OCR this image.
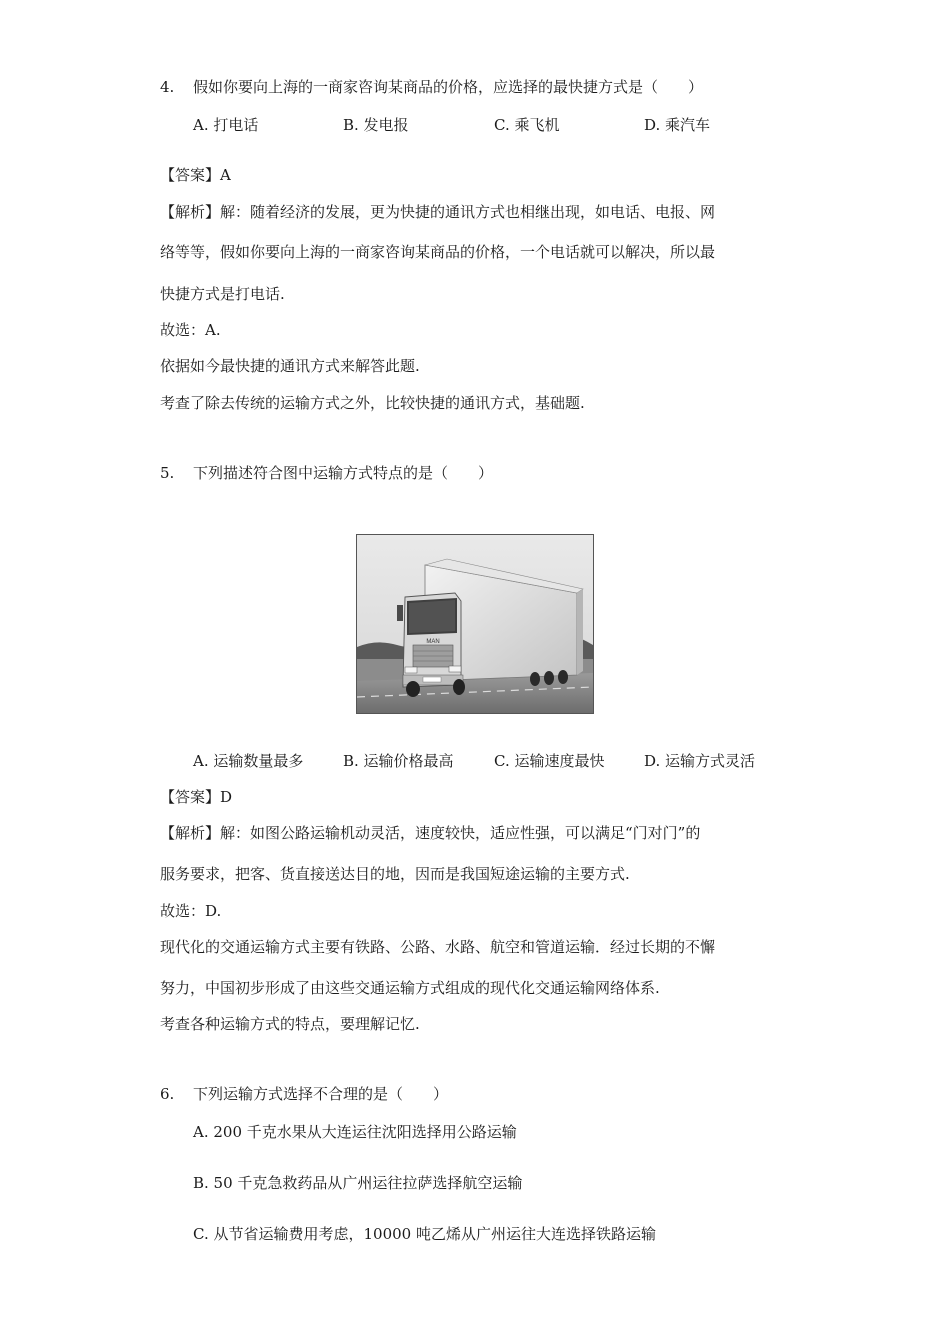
4. 假如你要向上海的一商家咨询某商品的价格，应选择的最快捷方式是（　　）
A. 打电话	B. 发电报	C. 乘飞机	D. 乘汽车
【答案】A
【解析】解：随着经济的发展，更为快捷的通讯方式也相继出现，如电话、电报、网
络等等，假如你要向上海的一商家咨询某商品的价格，一个电话就可以解决，所以最
快捷方式是打电话.
故选：A.
依据如今最快捷的通讯方式来解答此题.
考查了除去传统的运输方式之外，比较快捷的通讯方式，基础题.
5. 下列描述符合图中运输方式特点的是（　　）
MAN
A. 运输数量最多	B. 运输价格最高	C. 运输速度最快	D. 运输方式灵活
【答案】D
【解析】解：如图公路运输机动灵活，速度较快，适应性强，可以满足“门对门”的
服务要求，把客、货直接送达目的地，因而是我国短途运输的主要方式.
故选：D.
现代化的交通运输方式主要有铁路、公路、水路、航空和管道运输．经过长期的不懈
努力，中国初步形成了由这些交通运输方式组成的现代化交通运输网络体系.
考查各种运输方式的特点，要理解记忆.
6. 下列运输方式选择不合理的是（　　）
A. 200 千克水果从大连运往沈阳选择用公路运输
B. 50 千克急救药品从广州运往拉萨选择航空运输
C. 从节省运输费用考虑，10000 吨乙烯从广州运往大连选择铁路运输
